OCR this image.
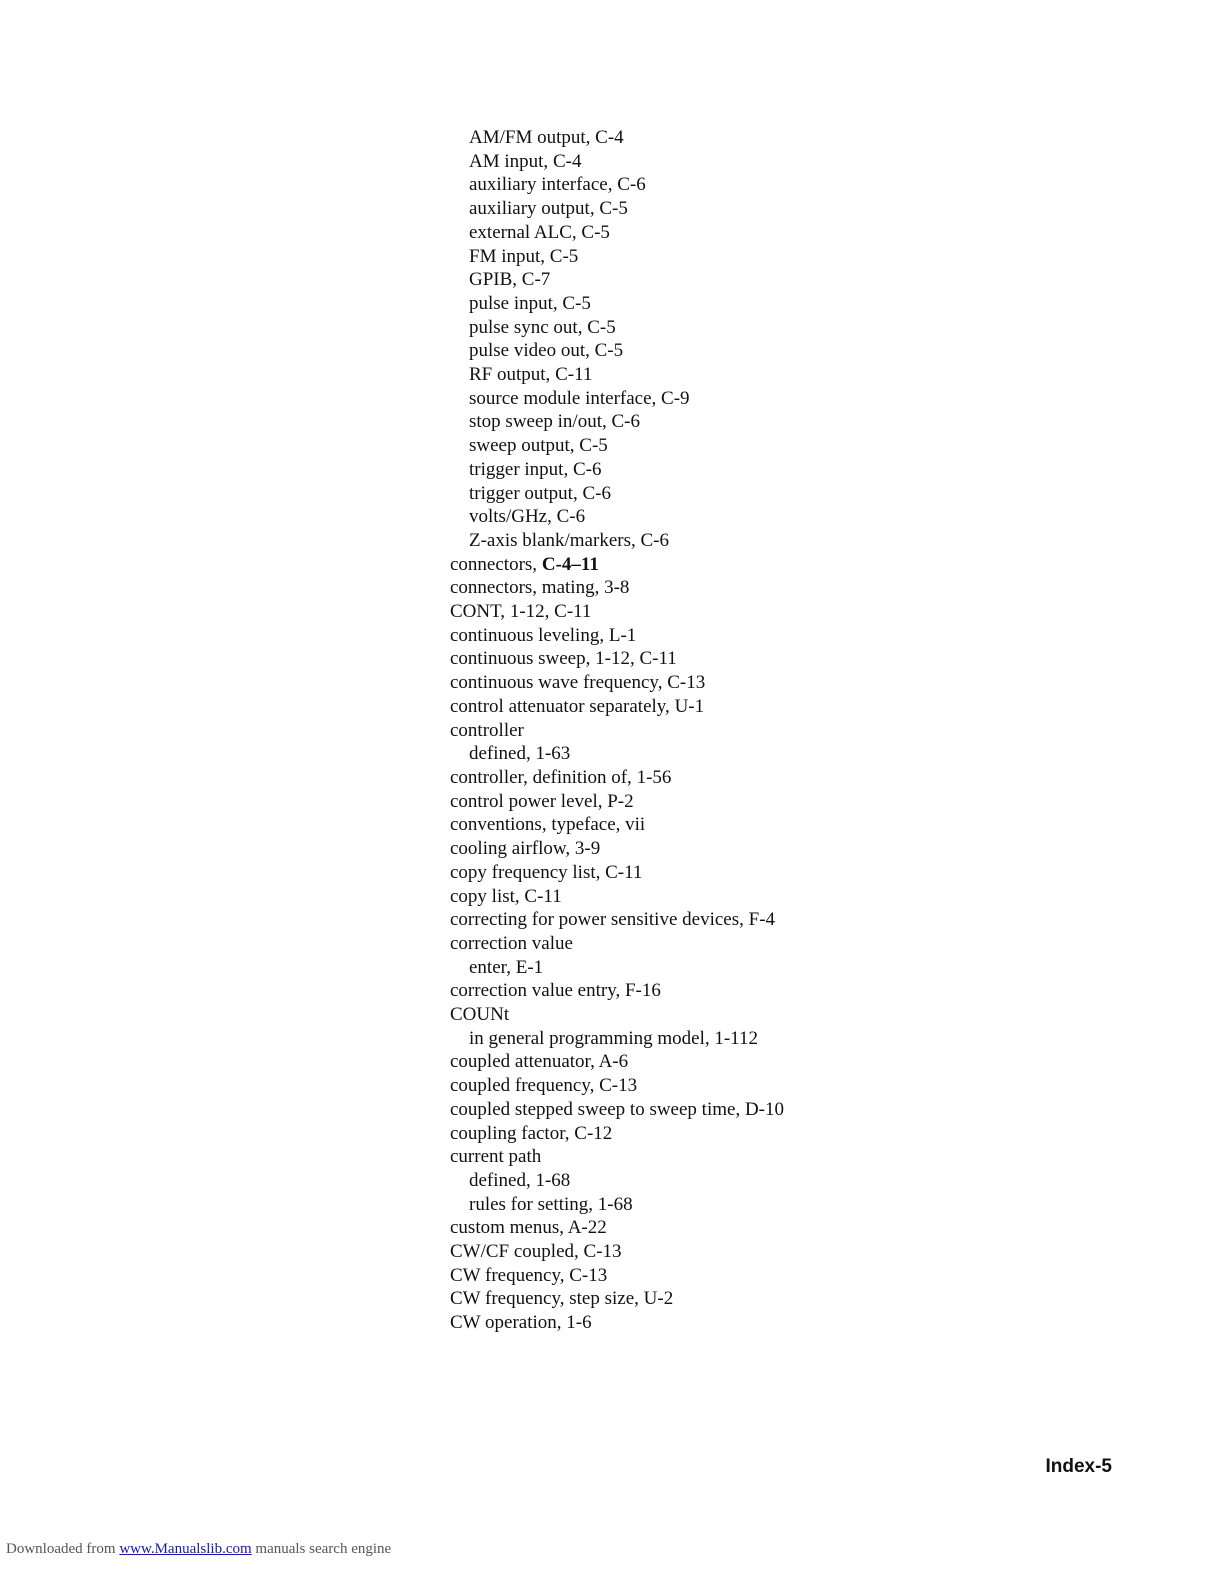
AM/FM output, C-4
AM input, C-4
auxiliary interface, C-6
auxiliary output, C-5
external ALC, C-5
FM input, C-5
GPIB, C-7
pulse input, C-5
pulse sync out, C-5
pulse video out, C-5
RF output, C-11
source module interface, C-9
stop sweep in/out, C-6
sweep output, C-5
trigger input, C-6
trigger output, C-6
volts/GHz, C-6
Z-axis blank/markers, C-6
connectors, C-4–11
connectors, mating, 3-8
CONT, 1-12, C-11
continuous leveling, L-1
continuous sweep, 1-12, C-11
continuous wave frequency, C-13
control attenuator separately, U-1
controller
defined, 1-63
controller, definition of, 1-56
control power level, P-2
conventions, typeface, vii
cooling airflow, 3-9
copy frequency list, C-11
copy list, C-11
correcting for power sensitive devices, F-4
correction value
enter, E-1
correction value entry, F-16
COUNt
in general programming model, 1-112
coupled attenuator, A-6
coupled frequency, C-13
coupled stepped sweep to sweep time, D-10
coupling factor, C-12
current path
defined, 1-68
rules for setting, 1-68
custom menus, A-22
CW/CF coupled, C-13
CW frequency, C-13
CW frequency, step size, U-2
CW operation, 1-6
Index-5
Downloaded from www.Manualslib.com manuals search engine
